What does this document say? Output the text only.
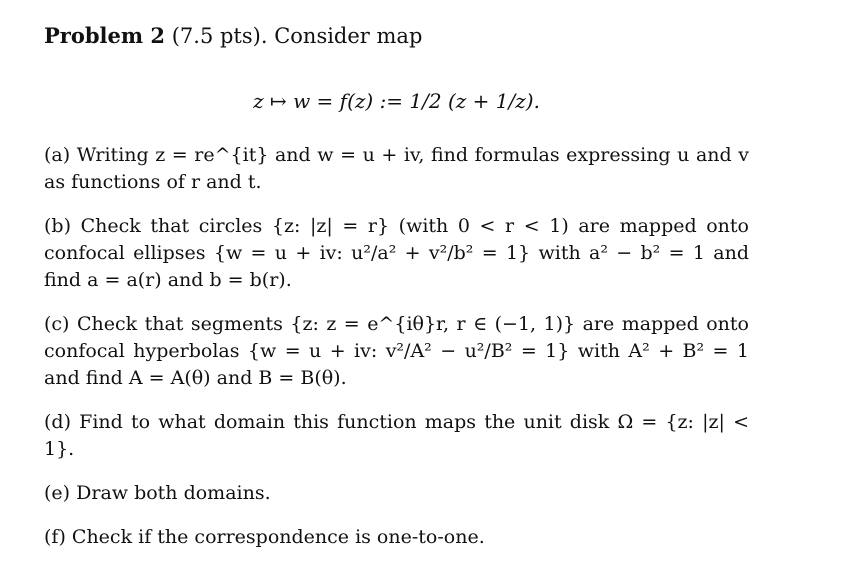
Problem 2 (7.5 pts). Consider map

z ↦ w = f(z) := 1/2 (z + 1/z).

(a) Writing z = re^{it} and w = u + iv, find formulas expressing u and v as functions of r and t.

(b) Check that circles {z: |z| = r} (with 0 < r < 1) are mapped onto confocal ellipses {w = u + iv: u²/a² + v²/b² = 1} with a² − b² = 1 and find a = a(r) and b = b(r).

(c) Check that segments {z: z = e^{iθ}r, r ∈ (−1, 1)} are mapped onto confocal hyperbolas {w = u + iv: v²/A² − u²/B² = 1} with A² + B² = 1 and find A = A(θ) and B = B(θ).

(d) Find to what domain this function maps the unit disk Ω = {z: |z| < 1}.

(e) Draw both domains.

(f) Check if the correspondence is one-to-one.
